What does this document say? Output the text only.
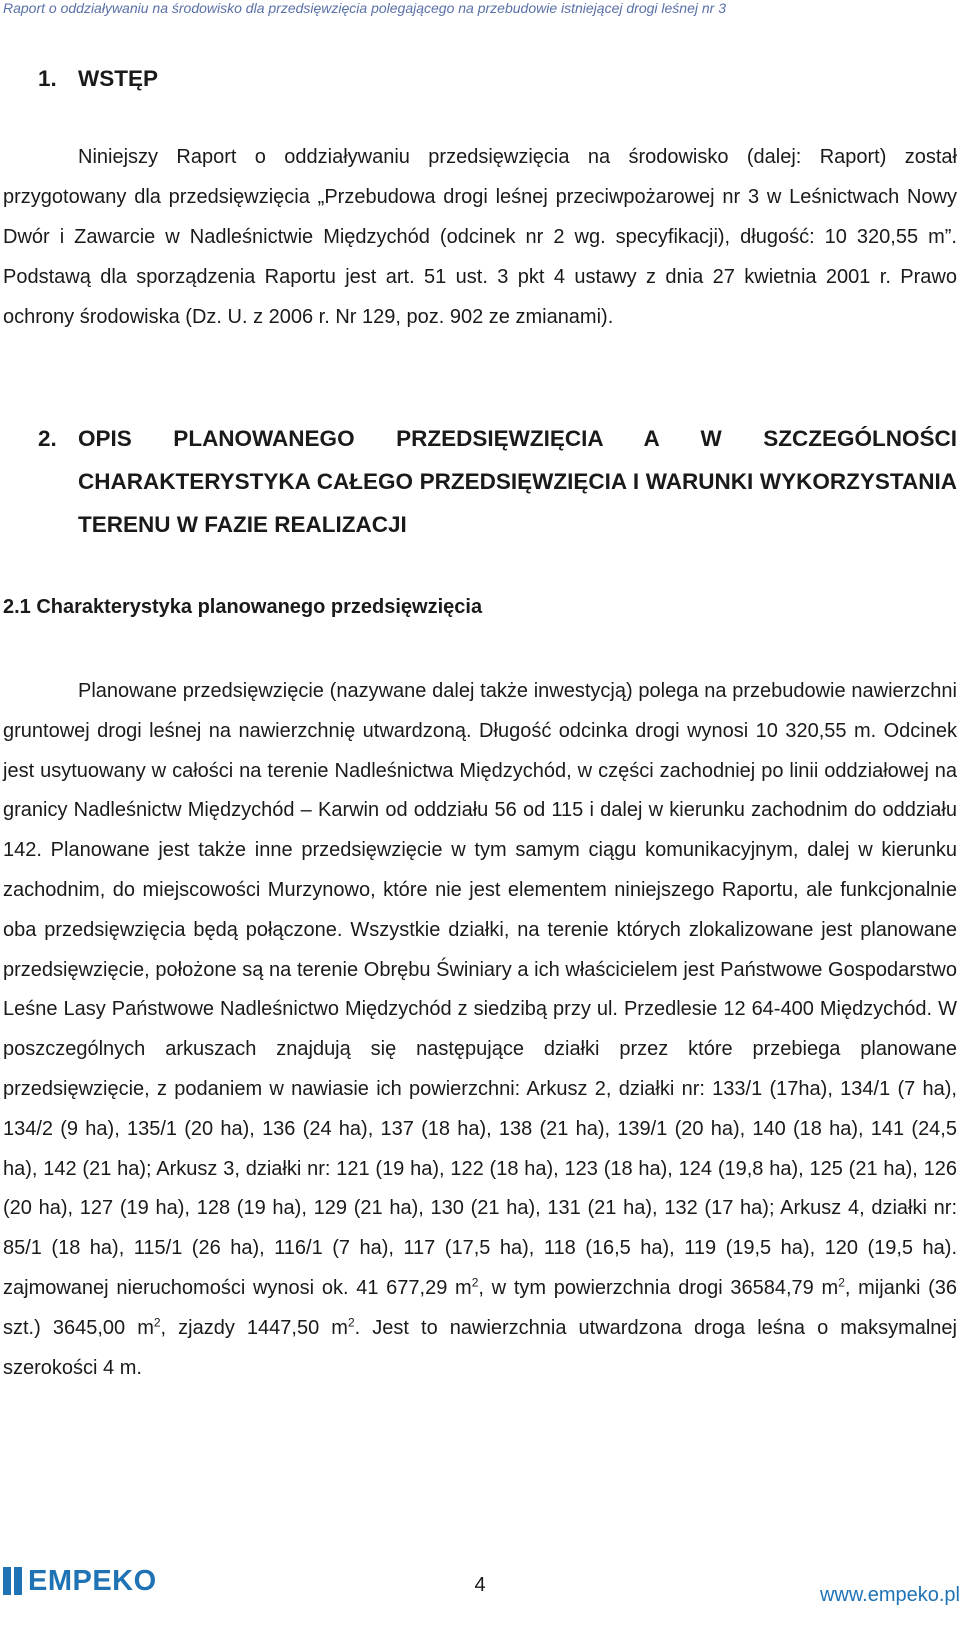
Raport o oddziaływaniu na środowisko dla przedsięwzięcia polegającego na przebudowie istniejącej drogi leśnej nr 3
1. WSTĘP

Niniejszy Raport o oddziaływaniu przedsięwzięcia na środowisko (dalej: Raport) został przygotowany dla przedsięwzięcia „Przebudowa drogi leśnej przeciwpożarowej nr 3 w Leśnictwach Nowy Dwór i Zawarcie w Nadleśnictwie Międzychód (odcinek nr 2 wg. specyfikacji), długość: 10 320,55 m”. Podstawą dla sporządzenia Raportu jest art. 51 ust. 3 pkt 4 ustawy z dnia 27 kwietnia 2001 r. Prawo ochrony środowiska (Dz. U. z 2006 r. Nr 129, poz. 902 ze zmianami).

2. OPIS PLANOWANEGO PRZEDSIĘWZIĘCIA A W SZCZEGÓLNOŚCI CHARAKTERYSTYKA CAŁEGO PRZEDSIĘWZIĘCIA I WARUNKI WYKORZYSTANIA TERENU W FAZIE REALIZACJI
2.1 Charakterystyka planowanego przedsięwzięcia

Planowane przedsięwzięcie (nazywane dalej także inwestycją) polega na przebudowie nawierzchni gruntowej drogi leśnej na nawierzchnię utwardzoną. Długość odcinka drogi wynosi 10 320,55 m. Odcinek jest usytuowany w całości na terenie Nadleśnictwa Międzychód, w części zachodniej po linii oddziałowej na granicy Nadleśnictw Międzychód – Karwin od oddziału 56 od 115 i dalej w kierunku zachodnim do oddziału 142. Planowane jest także inne przedsięwzięcie w tym samym ciągu komunikacyjnym, dalej w kierunku zachodnim, do miejscowości Murzynowo, które nie jest elementem niniejszego Raportu, ale funkcjonalnie oba przedsięwzięcia będą połączone. Wszystkie działki, na terenie których zlokalizowane jest planowane przedsięwzięcie, położone są na terenie Obrębu Świniary a ich właścicielem jest Państwowe Gospodarstwo Leśne Lasy Państwowe Nadleśnictwo Międzychód z siedzibą przy ul. Przedlesie 12 64-400 Międzychód. W poszczególnych arkuszach znajdują się następujące działki przez które przebiega planowane przedsięwzięcie, z podaniem w nawiasie ich powierzchni: Arkusz 2, działki nr: 133/1 (17ha), 134/1 (7 ha), 134/2 (9 ha), 135/1 (20 ha), 136 (24 ha), 137 (18 ha), 138 (21 ha), 139/1 (20 ha), 140 (18 ha), 141 (24,5 ha), 142 (21 ha); Arkusz 3, działki nr: 121 (19 ha), 122 (18 ha), 123 (18 ha), 124 (19,8 ha), 125 (21 ha), 126 (20 ha), 127 (19 ha), 128 (19 ha), 129 (21 ha), 130 (21 ha), 131 (21 ha), 132 (17 ha); Arkusz 4, działki nr: 85/1 (18 ha), 115/1 (26 ha), 116/1 (7 ha), 117 (17,5 ha), 118 (16,5 ha), 119 (19,5 ha), 120 (19,5 ha). zajmowanej nieruchomości wynosi ok. 41 677,29 $m^2$, w tym powierzchnia drogi 36584,79 $m^2$, mijanki (36 szt.) 3645,00 $m^2$, zjazdy 1447,50 $m^2$. Jest to nawierzchnia utwardzona droga leśna o maksymalnej szerokości 4 m.

EMPEKO	4	www.empeko.pl
